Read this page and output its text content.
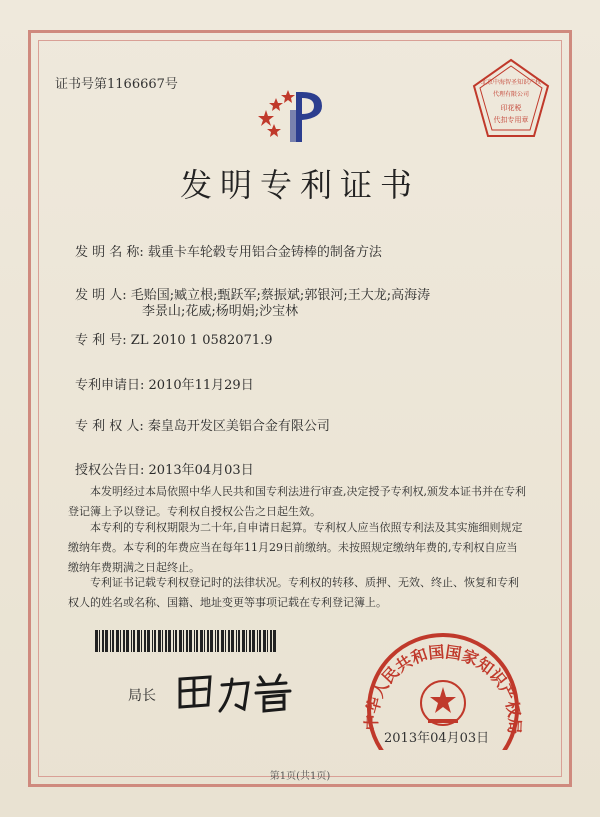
证书号第1166667号	北京中海智圣知识产权
代理有限公司
印花税
代扣专用章
发明专利证书
发 明 名 称: 载重卡车轮毂专用铝合金铸棒的制备方法
发 明 人: 毛贻国;臧立根;甄跃军;蔡振斌;郭银河;王大龙;高海涛
李景山;花威;杨明娟;沙宝林
专 利 号: ZL 2010 1 0582071.9
专利申请日: 2010年11月29日
专 利 权 人: 秦皇岛开发区美铝合金有限公司
授权公告日: 2013年04月03日

本发明经过本局依照中华人民共和国专利法进行审查,决定授予专利权,颁发本证书并在专利登记簿上予以登记。专利权自授权公告之日起生效。

本专利的专利权期限为二十年,自申请日起算。专利权人应当依照专利法及其实施细则规定缴纳年费。本专利的年费应当在每年11月29日前缴纳。未按照规定缴纳年费的,专利权自应当缴纳年费期满之日起终止。

专利证书记载专利权登记时的法律状况。专利权的转移、质押、无效、终止、恢复和专利权人的姓名或名称、国籍、地址变更等事项记载在专利登记簿上。

局长
中华人民共和国国家知识产权局
2013年04月03日
第1页(共1页)
